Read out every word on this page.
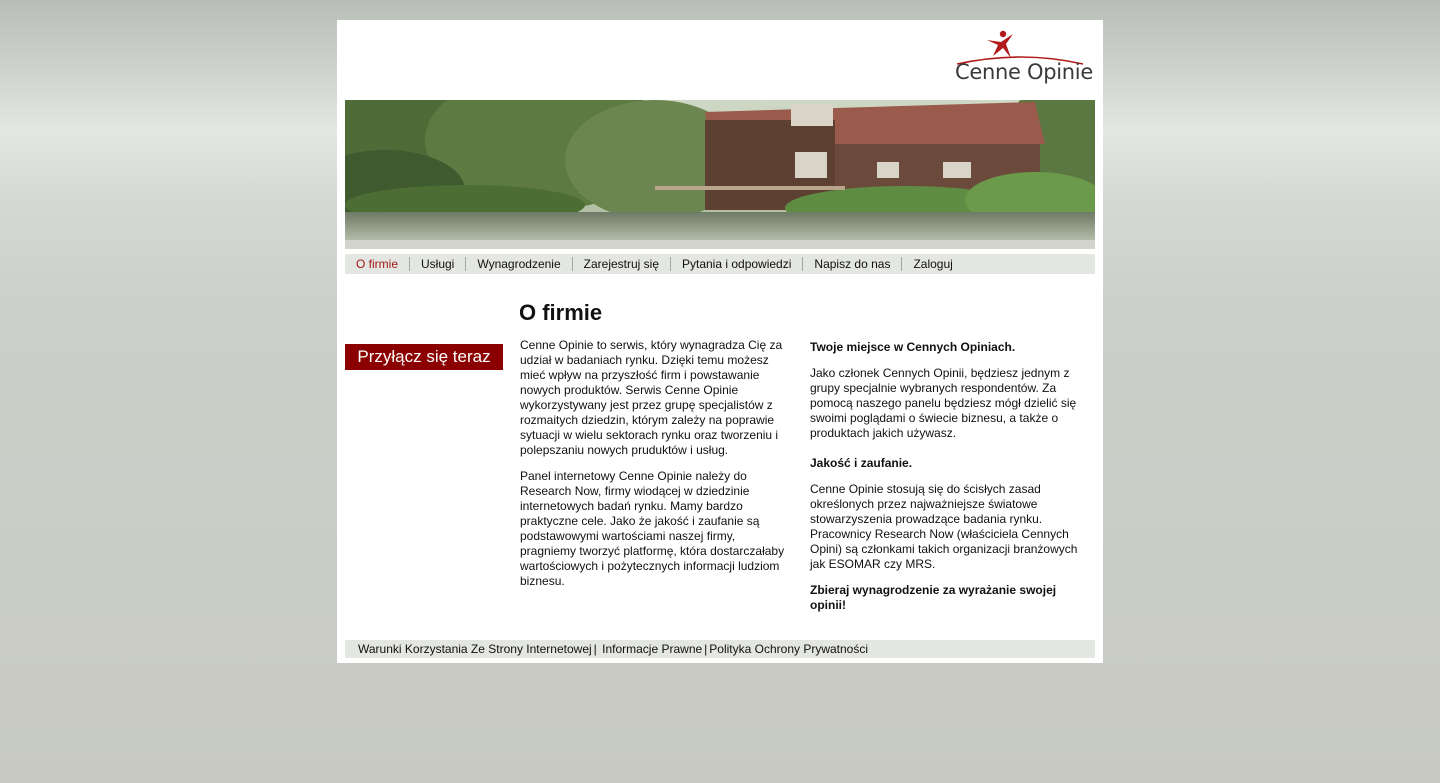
Cenne Opinie
O firmie	Usługi	Wynagrodzenie	Zarejestruj się	Pytania i odpowiedzi	Napisz do nas	Zaloguj
Przyłącz się teraz
O firmie

Cenne Opinie to serwis, który wynagradza Cię za udział w badaniach rynku. Dzięki temu możesz mieć wpływ na przyszłość firm i powstawanie nowych produktów. Serwis Cenne Opinie wykorzystywany jest przez grupę specjalistów z rozmaitych dziedzin, którym zależy na poprawie sytuacji w wielu sektorach rynku oraz tworzeniu i polepszaniu nowych pruduktów i usług.

Panel internetowy Cenne Opinie należy do Research Now, firmy wiodącej w dziedzinie internetowych badań rynku. Mamy bardzo praktyczne cele. Jako że jakość i zaufanie są podstawowymi wartościami naszej firmy, pragniemy tworzyć platformę, która dostarczałaby wartościowych i pożytecznych informacji ludziom biznesu.

Twoje miejsce w Cennych Opiniach.

Jako członek Cennych Opinii, będziesz jednym z grupy specjalnie wybranych respondentów. Za pomocą naszego panelu będziesz mógł dzielić się swoimi poglądami o świecie biznesu, a także o produktach jakich używasz.

Jakość i zaufanie.

Cenne Opinie stosują się do ścisłych zasad określonych przez najważniejsze światowe stowarzyszenia prowadzące badania rynku. Pracownicy Research Now (właściciela Cennych Opini) są członkami takich organizacji branżowych jak ESOMAR czy MRS.

Zbieraj wynagrodzenie za wyrażanie swojej opinii!
Warunki Korzystania Ze Strony Internetowej | Informacje Prawne | Polityka Ochrony Prywatności
